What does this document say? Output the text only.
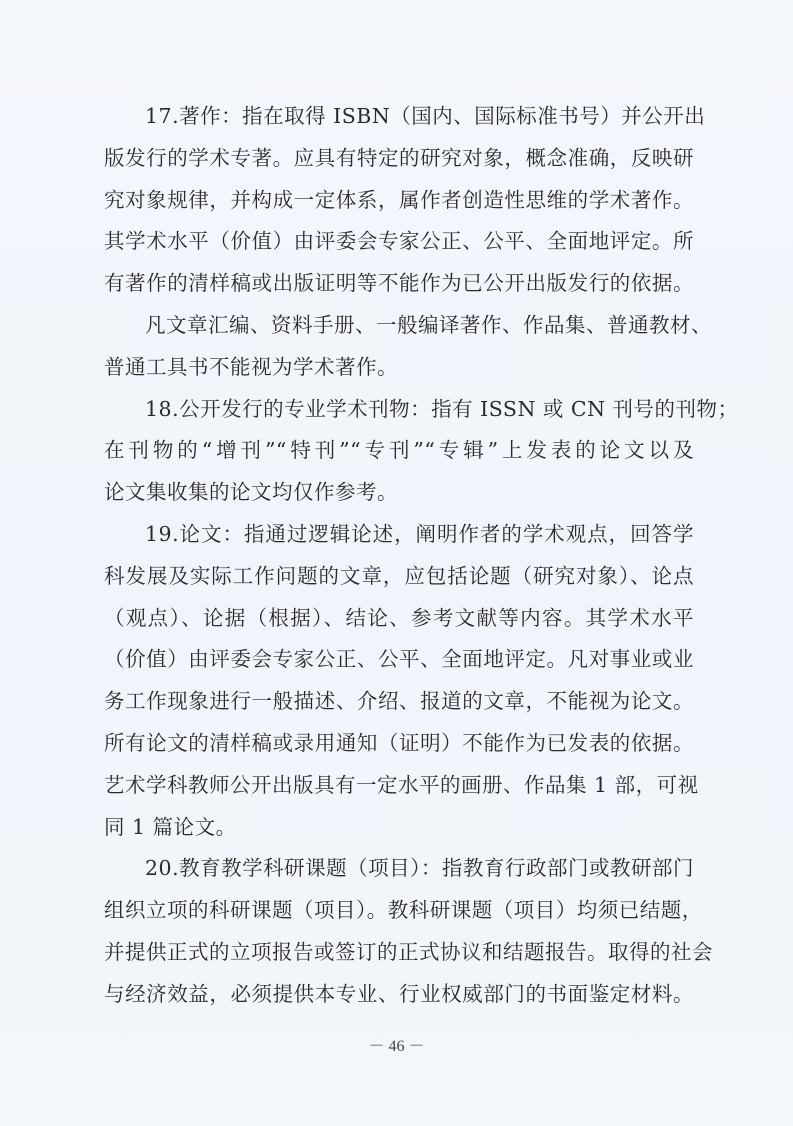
17.著作：指在取得 ISBN（国内、国际标准书号）并公开出
版发行的学术专著。应具有特定的研究对象，概念准确，反映研
究对象规律，并构成一定体系，属作者创造性思维的学术著作。
其学术水平（价值）由评委会专家公正、公平、全面地评定。所
有著作的清样稿或出版证明等不能作为已公开出版发行的依据。
凡文章汇编、资料手册、一般编译著作、作品集、普通教材、
普通工具书不能视为学术著作。
18.公开发行的专业学术刊物：指有 ISSN 或 CN 刊号的刊物；
在刊物的“增刊”“特刊”“专刊”“专辑”上发表的论文以及
论文集收集的论文均仅作参考。
19.论文：指通过逻辑论述，阐明作者的学术观点，回答学
科发展及实际工作问题的文章，应包括论题（研究对象）、论点
（观点）、论据（根据）、结论、参考文献等内容。其学术水平
（价值）由评委会专家公正、公平、全面地评定。凡对事业或业
务工作现象进行一般描述、介绍、报道的文章，不能视为论文。
所有论文的清样稿或录用通知（证明）不能作为已发表的依据。
艺术学科教师公开出版具有一定水平的画册、作品集 1 部，可视
同 1 篇论文。
20.教育教学科研课题（项目）：指教育行政部门或教研部门
组织立项的科研课题（项目）。教科研课题（项目）均须已结题，
并提供正式的立项报告或签订的正式协议和结题报告。取得的社会
与经济效益，必须提供本专业、行业权威部门的书面鉴定材料。
－ 46 －
